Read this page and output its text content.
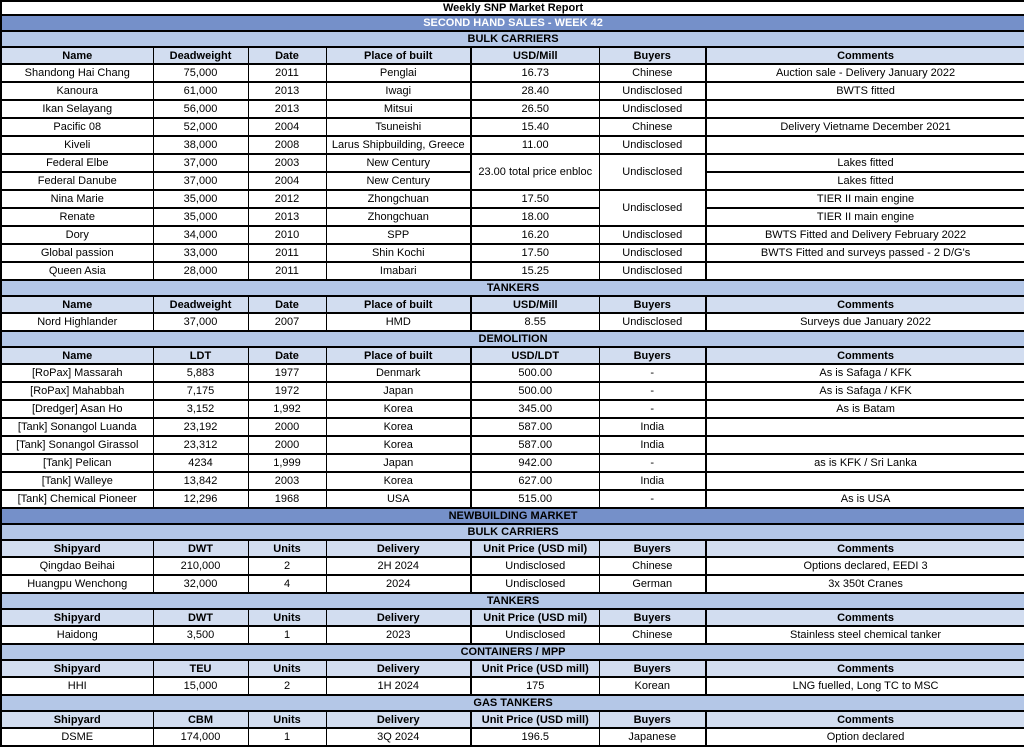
Weekly SNP Market Report						
SECOND HAND SALES - WEEK 42						
BULK CARRIERS						
Name	Deadweight	Date	Place of built	USD/Mill	Buyers	Comments
Shandong Hai Chang	75,000	2011	Penglai	16.73	Chinese	Auction sale - Delivery January 2022
Kanoura	61,000	2013	Iwagi	28.40	Undisclosed	BWTS fitted
Ikan Selayang	56,000	2013	Mitsui	26.50	Undisclosed	
Pacific 08	52,000	2004	Tsuneishi	15.40	Chinese	Delivery Vietname December 2021
Kiveli	38,000	2008	Larus Shipbuilding, Greece	11.00	Undisclosed	
Federal Elbe	37,000	2003	New Century	23.00 total price enbloc	Undisclosed	Lakes fitted
Federal Danube	37,000	2004	New Century			Lakes fitted
Nina Marie	35,000	2012	Zhongchuan	17.50	Undisclosed	TIER II main engine
Renate	35,000	2013	Zhongchuan	18.00		TIER II main engine
Dory	34,000	2010	SPP	16.20	Undisclosed	BWTS Fitted and Delivery February 2022
Global passion	33,000	2011	Shin Kochi	17.50	Undisclosed	BWTS Fitted and surveys passed - 2 D/G's
Queen Asia	28,000	2011	Imabari	15.25	Undisclosed	
TANKERS						
Name	Deadweight	Date	Place of built	USD/Mill	Buyers	Comments
Nord Highlander	37,000	2007	HMD	8.55	Undisclosed	Surveys due January 2022
DEMOLITION						
Name	LDT	Date	Place of built	USD/LDT	Buyers	Comments
[RoPax] Massarah	5,883	1977	Denmark	500.00	-	As is Safaga / KFK
[RoPax] Mahabbah	7,175	1972	Japan	500.00	-	As is Safaga / KFK
[Dredger] Asan Ho	3,152	1,992	Korea	345.00	-	As is Batam
[Tank] Sonangol Luanda	23,192	2000	Korea	587.00	India	
[Tank] Sonangol Girassol	23,312	2000	Korea	587.00	India	
[Tank] Pelican	4234	1,999	Japan	942.00	-	as is KFK / Sri Lanka
[Tank] Walleye	13,842	2003	Korea	627.00	India	
[Tank] Chemical Pioneer	12,296	1968	USA	515.00	-	As is USA
NEWBUILDING MARKET						
BULK CARRIERS						
Shipyard	DWT	Units	Delivery	Unit Price (USD mil)	Buyers	Comments
Qingdao Beihai	210,000	2	2H 2024	Undisclosed	Chinese	Options declared, EEDI 3
Huangpu Wenchong	32,000	4	2024	Undisclosed	German	3x 350t Cranes
TANKERS						
Shipyard	DWT	Units	Delivery	Unit Price (USD mil)	Buyers	Comments
Haidong	3,500	1	2023	Undisclosed	Chinese	Stainless steel chemical tanker
CONTAINERS / MPP						
Shipyard	TEU	Units	Delivery	Unit Price (USD mill)	Buyers	Comments
HHI	15,000	2	1H 2024	175	Korean	LNG fuelled, Long TC to MSC
GAS TANKERS						
Shipyard	CBM	Units	Delivery	Unit Price (USD mill)	Buyers	Comments
DSME	174,000	1	3Q 2024	196.5	Japanese	Option declared
